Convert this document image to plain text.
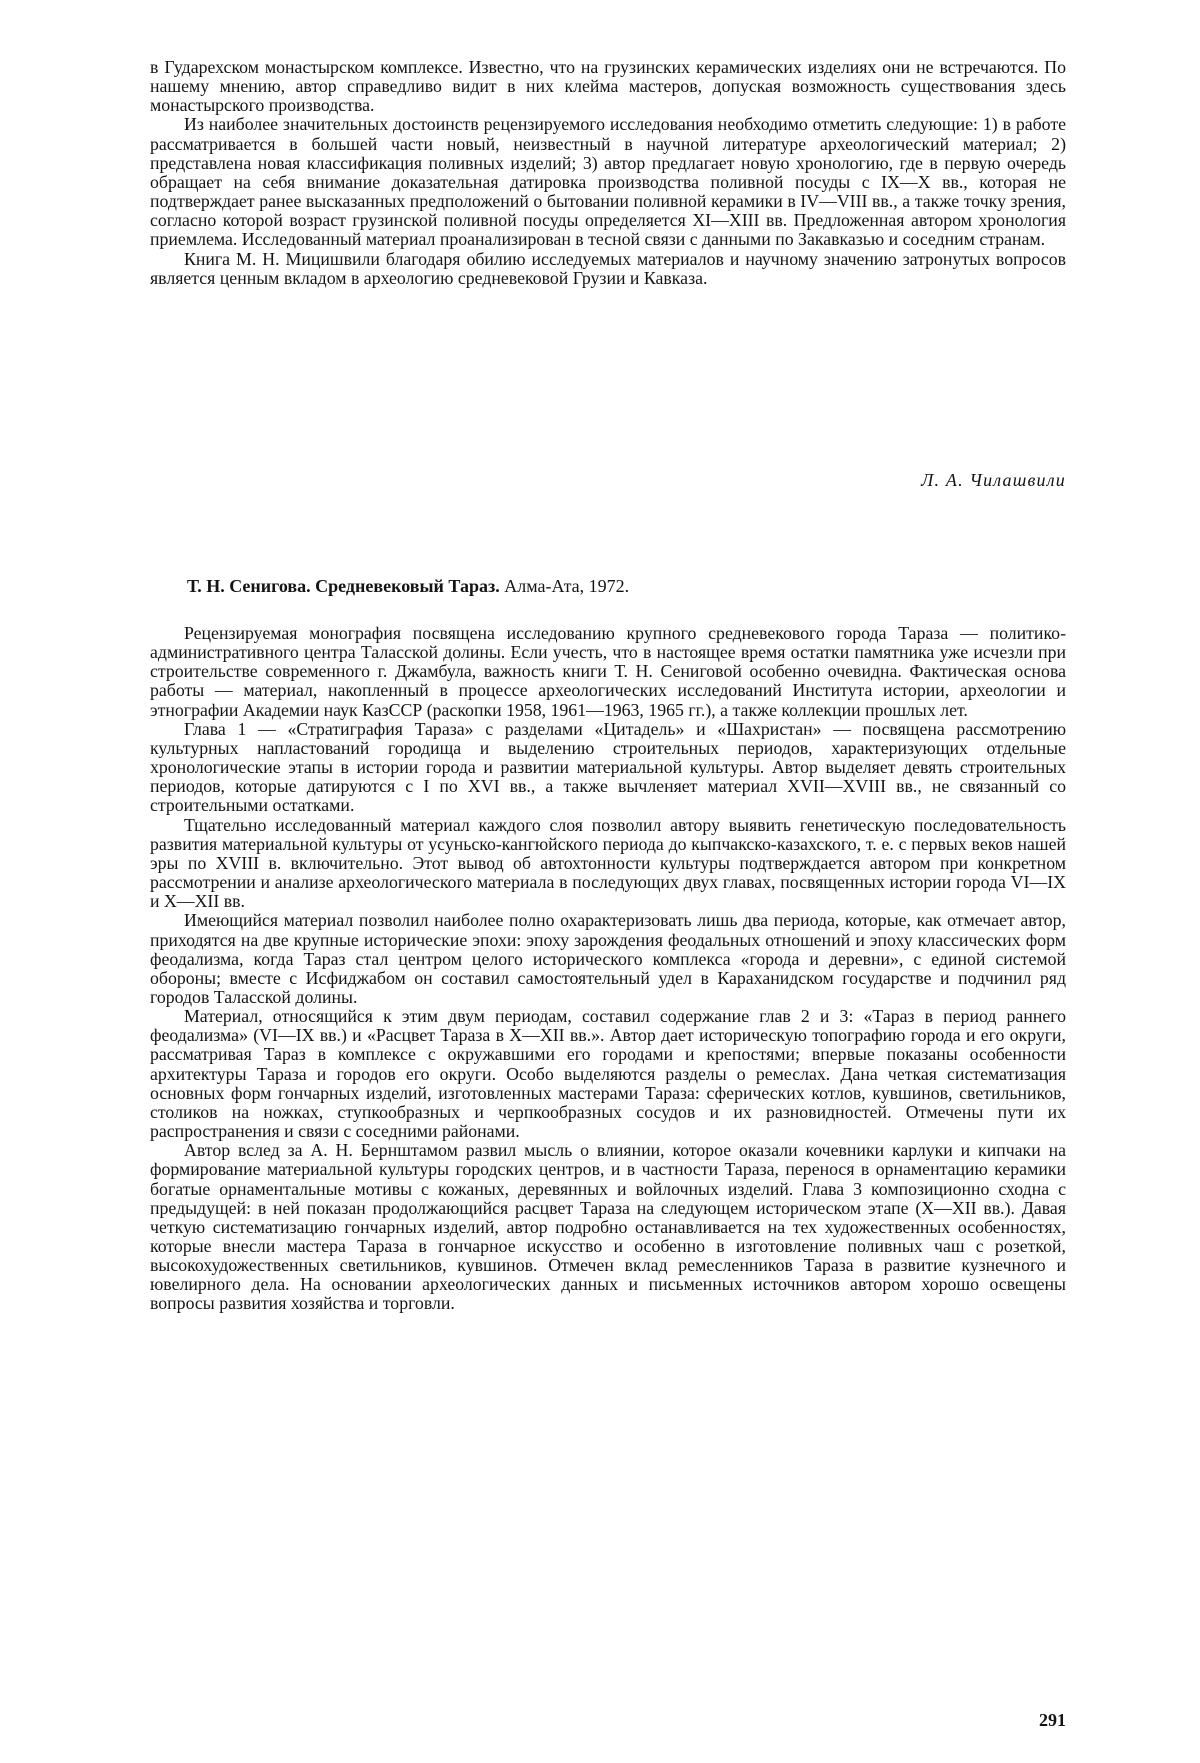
в Гударехском монастырском комплексе. Известно, что на грузинских керамических изделиях они не встречаются. По нашему мнению, автор справедливо видит в них клейма мастеров, допуская возможность существования здесь монастырского производства.

Из наиболее значительных достоинств рецензируемого исследования необходимо отметить следующие: 1) в работе рассматривается в большей части новый, неизвестный в научной литературе археологический материал; 2) представлена новая классификация поливных изделий; 3) автор предлагает новую хронологию, где в первую очередь обращает на себя внимание доказательная датировка производства поливной посуды с IX—X вв., которая не подтверждает ранее высказанных предположений о бытовании поливной керамики в IV—VIII вв., а также точку зрения, согласно которой возраст грузинской поливной посуды определяется XI—XIII вв. Предложенная автором хронология приемлема. Исследованный материал проанализирован в тесной связи с данными по Закавказью и соседним странам.

Книга М. Н. Мицишвили благодаря обилию исследуемых материалов и научному значению затронутых вопросов является ценным вкладом в археологию средневековой Грузии и Кавказа.

Л. А. Чилашвили
Т. Н. Сенигова. Средневековый Тараз. Алма-Ата, 1972.

Рецензируемая монография посвящена исследованию крупного средневекового города Тараза — политико-административного центра Таласской долины. Если учесть, что в настоящее время остатки памятника уже исчезли при строительстве современного г. Джамбула, важность книги Т. Н. Сениговой особенно очевидна. Фактическая основа работы — материал, накопленный в процессе археологических исследований Института истории, археологии и этнографии Академии наук КазССР (раскопки 1958, 1961—1963, 1965 гг.), а также коллекции прошлых лет.

Глава 1 — «Стратиграфия Тараза» с разделами «Цитадель» и «Шахристан» — посвящена рассмотрению культурных напластований городища и выделению строительных периодов, характеризующих отдельные хронологические этапы в истории города и развитии материальной культуры. Автор выделяет девять строительных периодов, которые датируются с I по XVI вв., а также вычленяет материал XVII—XVIII вв., не связанный со строительными остатками.

Тщательно исследованный материал каждого слоя позволил автору выявить генетическую последовательность развития материальной культуры от усуньско-кангюйского периода до кыпчакско-казахского, т. е. с первых веков нашей эры по XVIII в. включительно. Этот вывод об автохтонности культуры подтверждается автором при конкретном рассмотрении и анализе археологического материала в последующих двух главах, посвященных истории города VI—IX и X—XII вв.

Имеющийся материал позволил наиболее полно охарактеризовать лишь два периода, которые, как отмечает автор, приходятся на две крупные исторические эпохи: эпоху зарождения феодальных отношений и эпоху классических форм феодализма, когда Тараз стал центром целого исторического комплекса «города и деревни», с единой системой обороны; вместе с Исфиджабом он составил самостоятельный удел в Караханидском государстве и подчинил ряд городов Таласской долины.

Материал, относящийся к этим двум периодам, составил содержание глав 2 и 3: «Тараз в период раннего феодализма» (VI—IX вв.) и «Расцвет Тараза в X—XII вв.». Автор дает историческую топографию города и его округи, рассматривая Тараз в комплексе с окружавшими его городами и крепостями; впервые показаны особенности архитектуры Тараза и городов его округи. Особо выделяются разделы о ремеслах. Дана четкая систематизация основных форм гончарных изделий, изготовленных мастерами Тараза: сферических котлов, кувшинов, светильников, столиков на ножках, ступкообразных и черпкообразных сосудов и их разновидностей. Отмечены пути их распространения и связи с соседними районами.

Автор вслед за А. Н. Бернштамом развил мысль о влиянии, которое оказали кочевники карлуки и кипчаки на формирование материальной культуры городских центров, и в частности Тараза, перенося в орнаментацию керамики богатые орнаментальные мотивы с кожаных, деревянных и войлочных изделий. Глава 3 композиционно сходна с предыдущей: в ней показан продолжающийся расцвет Тараза на следующем историческом этапе (X—XII вв.). Давая четкую систематизацию гончарных изделий, автор подробно останавливается на тех художественных особенностях, которые внесли мастера Тараза в гончарное искусство и особенно в изготовление поливных чаш с розеткой, высокохудожественных светильников, кувшинов. Отмечен вклад ремесленников Тараза в развитие кузнечного и ювелирного дела. На основании археологических данных и письменных источников автором хорошо освещены вопросы развития хозяйства и торговли.

291
